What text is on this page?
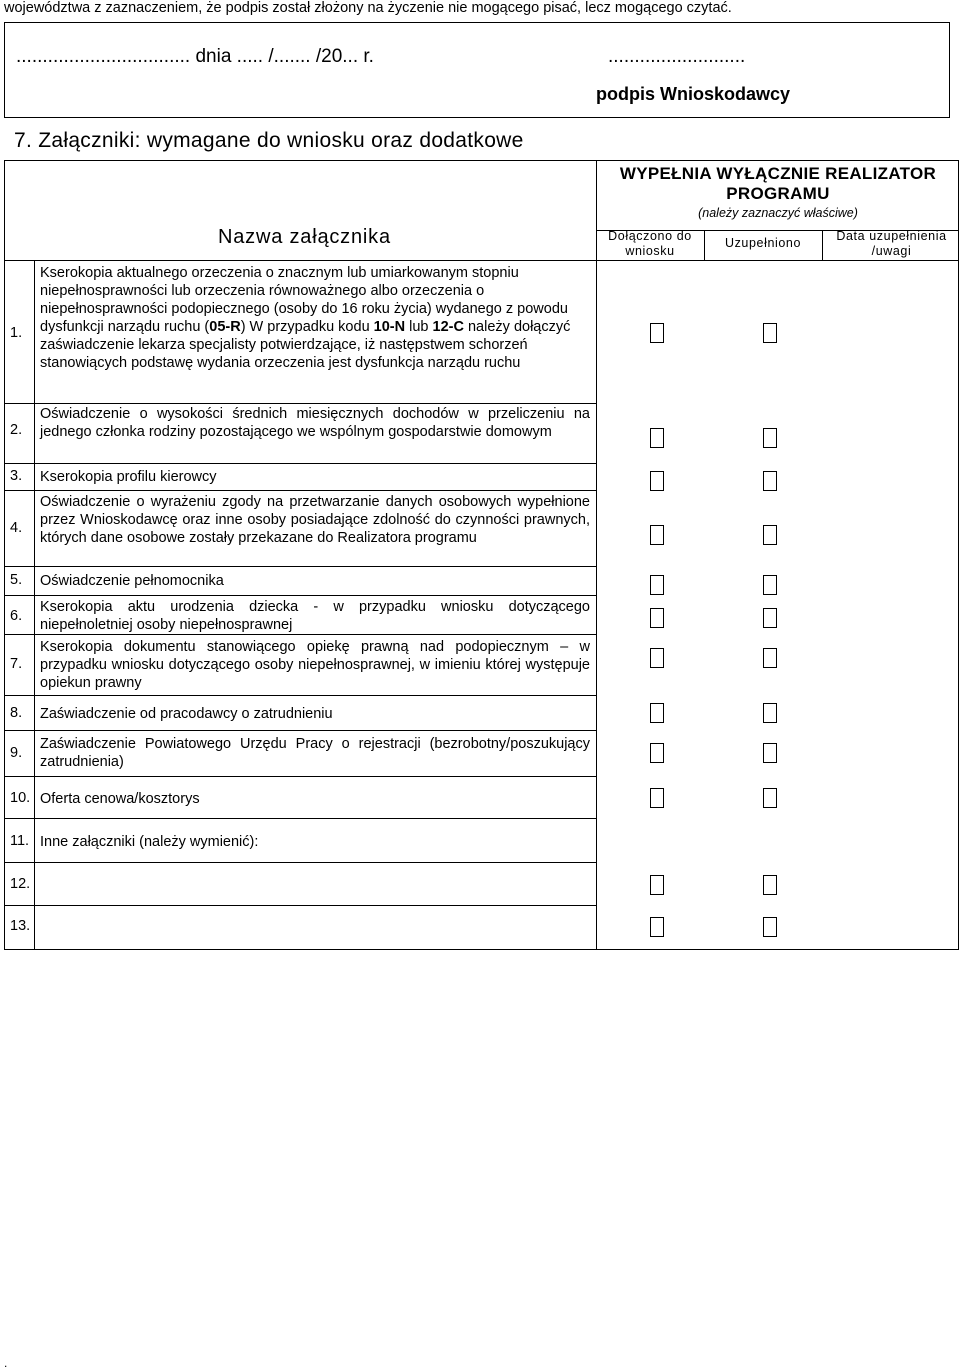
województwa z zaznaczeniem, że podpis został złożony na życzenie nie mogącego pisać, lecz mogącego czytać.
................................. dnia ..... /....... /20... r.	..........................
podpis Wnioskodawcy
7. Załączniki: wymagane do wniosku oraz dodatkowe
Nazwa załącznika
WYPEŁNIA WYŁĄCZNIE REALIZATOR PROGRAMU
(należy zaznaczyć właściwe)
Dołączono do wniosku
Uzupełniono	Data uzupełnienia /uwagi
1.
Kserokopia aktualnego orzeczenia o znacznym lub umiarkowanym stopniu niepełnosprawności lub orzeczenia równoważnego albo orzeczenia o niepełnosprawności podopiecznego (osoby do 16 roku życia) wydanego z powodu dysfunkcji narządu ruchu (05-R) W przypadku kodu 10-N lub 12-C należy dołączyć zaświadczenie lekarza specjalisty potwierdzające, iż następstwem schorzeń stanowiących podstawę wydania orzeczenia jest dysfunkcja narządu ruchu
2.
Oświadczenie o wysokości średnich miesięcznych dochodów w przeliczeniu na jednego członka rodziny pozostającego we wspólnym gospodarstwie domowym
3. Kserokopia profilu kierowcy
4.
Oświadczenie o wyrażeniu zgody na przetwarzanie danych osobowych wypełnione przez Wnioskodawcę oraz inne osoby posiadające zdolność do czynności prawnych, których dane osobowe zostały przekazane do Realizatora programu
5. Oświadczenie pełnomocnika
6.
Kserokopia aktu urodzenia dziecka - w przypadku wniosku dotyczącego niepełnoletniej osoby niepełnosprawnej
7.
Kserokopia dokumentu stanowiącego opiekę prawną nad podopiecznym – w przypadku wniosku dotyczącego osoby niepełnosprawnej, w imieniu której występuje opiekun prawny
8. Zaświadczenie od pracodawcy o zatrudnieniu
9.
Zaświadczenie Powiatowego Urzędu Pracy o rejestracji (bezrobotny/poszukujący zatrudnienia)
10. Oferta cenowa/kosztorys
11. Inne załączniki (należy wymienić):
12.
13.
.
